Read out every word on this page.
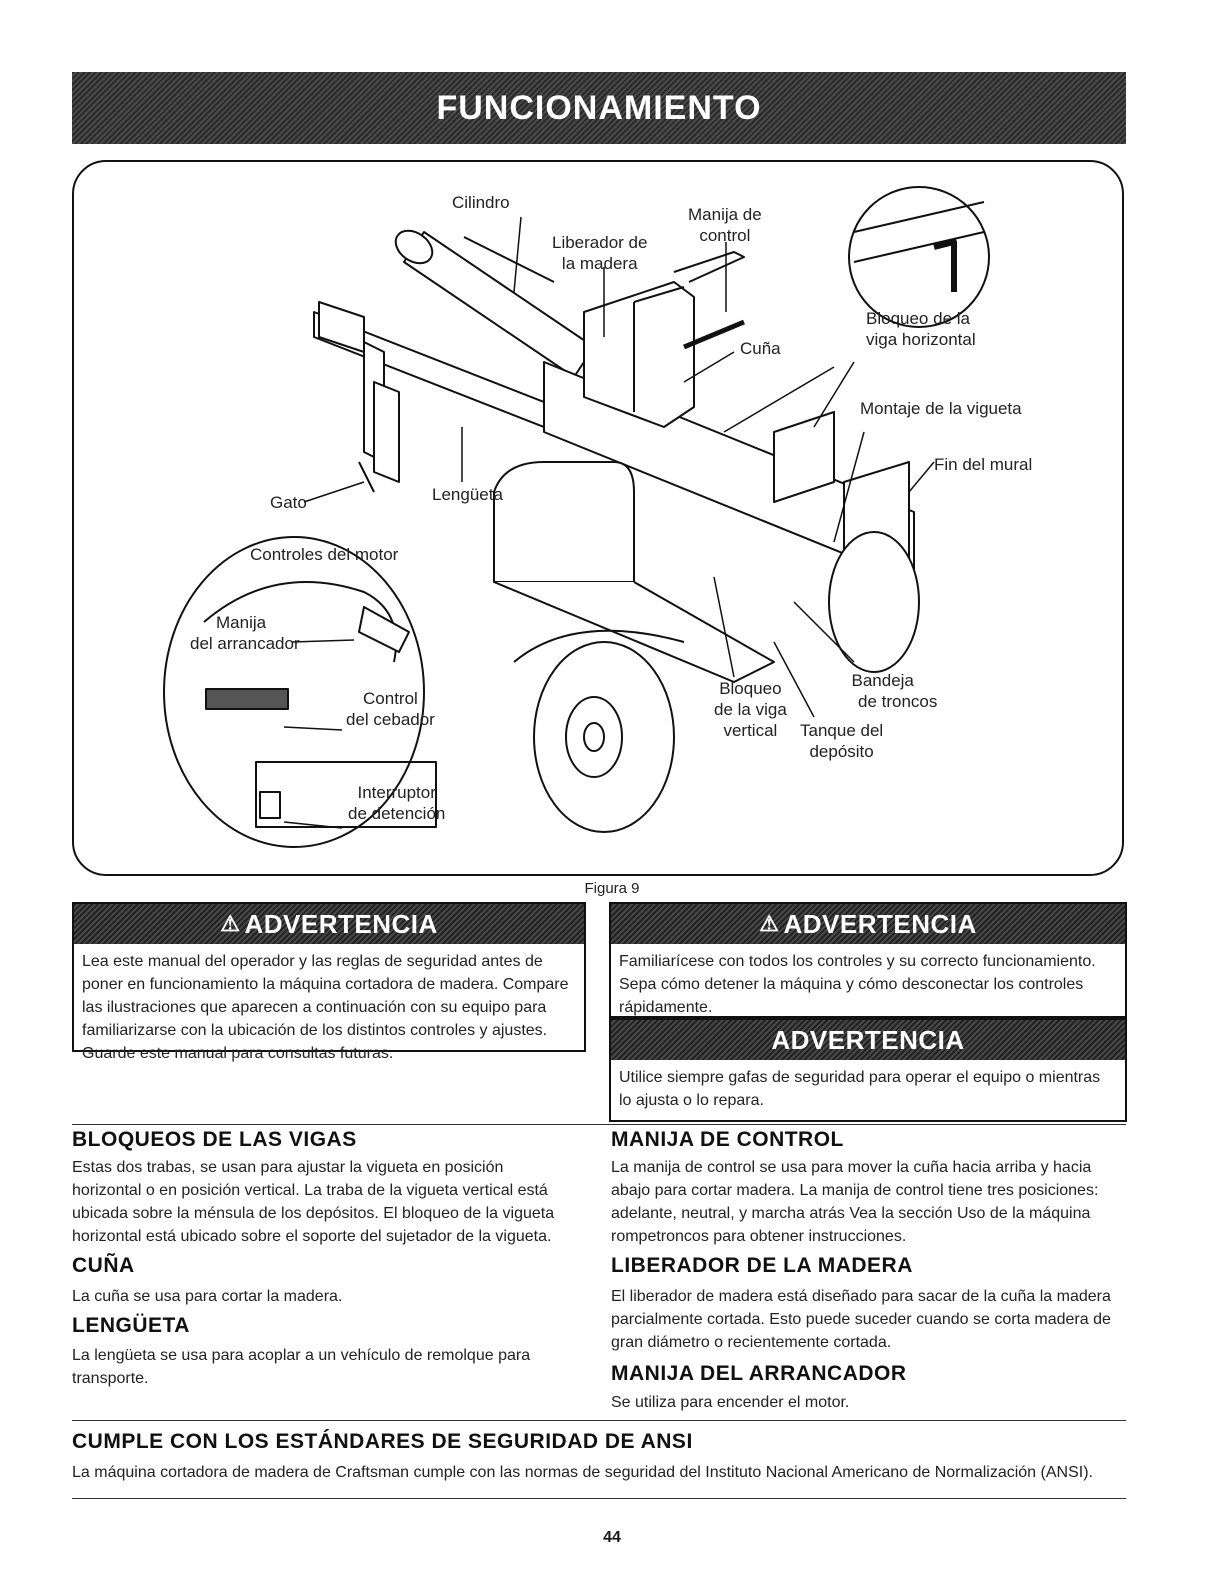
FUNCIONAMIENTO
Cilindro
Liberador de
la madera
Manija de
control
Cuña
Bloqueo de la
viga horizontal
Montaje de la vigueta
Fin del mural
Gato	Lengüeta
Controles del motor
Manija
del arrancador
Control
del cebador
Interruptor
de detención
Bloqueo
de la viga
vertical
Bandeja
de troncos
Tanque del
depósito
Figura 9
⚠ ADVERTENCIA
Lea este manual del operador y las reglas de seguridad antes de poner en funcionamiento la máquina cortadora de madera. Compare las ilustraciones que aparecen a continuación con su equipo para familiarizarse con la ubicación de los distintos controles y ajustes. Guarde este manual para consultas futuras.
⚠ ADVERTENCIA
Familiarícese con todos los controles y su correcto funcionamiento. Sepa cómo detener la máquina y cómo desconectar los controles rápidamente.
ADVERTENCIA
Utilice siempre gafas de seguridad para operar el equipo o mientras lo ajusta o lo repara.
BLOQUEOS DE LAS VIGAS
Estas dos trabas, se usan para ajustar la vigueta en posición horizontal o en posición vertical. La traba de la vigueta vertical está ubicada sobre la ménsula de los depósitos. El bloqueo de la vigueta horizontal está ubicado sobre el soporte del sujetador de la vigueta.
CUÑA
La cuña se usa para cortar la madera.
LENGÜETA
La lengüeta se usa para acoplar a un vehículo de remolque para transporte.
MANIJA DE CONTROL
La manija de control se usa para mover la cuña hacia arriba y hacia abajo para cortar madera. La manija de control tiene tres posiciones: adelante, neutral, y marcha atrás Vea la sección Uso de la máquina rompetroncos para obtener instrucciones.
LIBERADOR DE LA MADERA
El liberador de madera está diseñado para sacar de la cuña la madera parcialmente cortada. Esto puede suceder cuando se corta madera de gran diámetro o recientemente cortada.
MANIJA DEL ARRANCADOR
Se utiliza para encender el motor.
CUMPLE CON LOS ESTÁNDARES DE SEGURIDAD DE ANSI
La máquina cortadora de madera de Craftsman cumple con las normas de seguridad del Instituto Nacional Americano de Normalización (ANSI).
44
